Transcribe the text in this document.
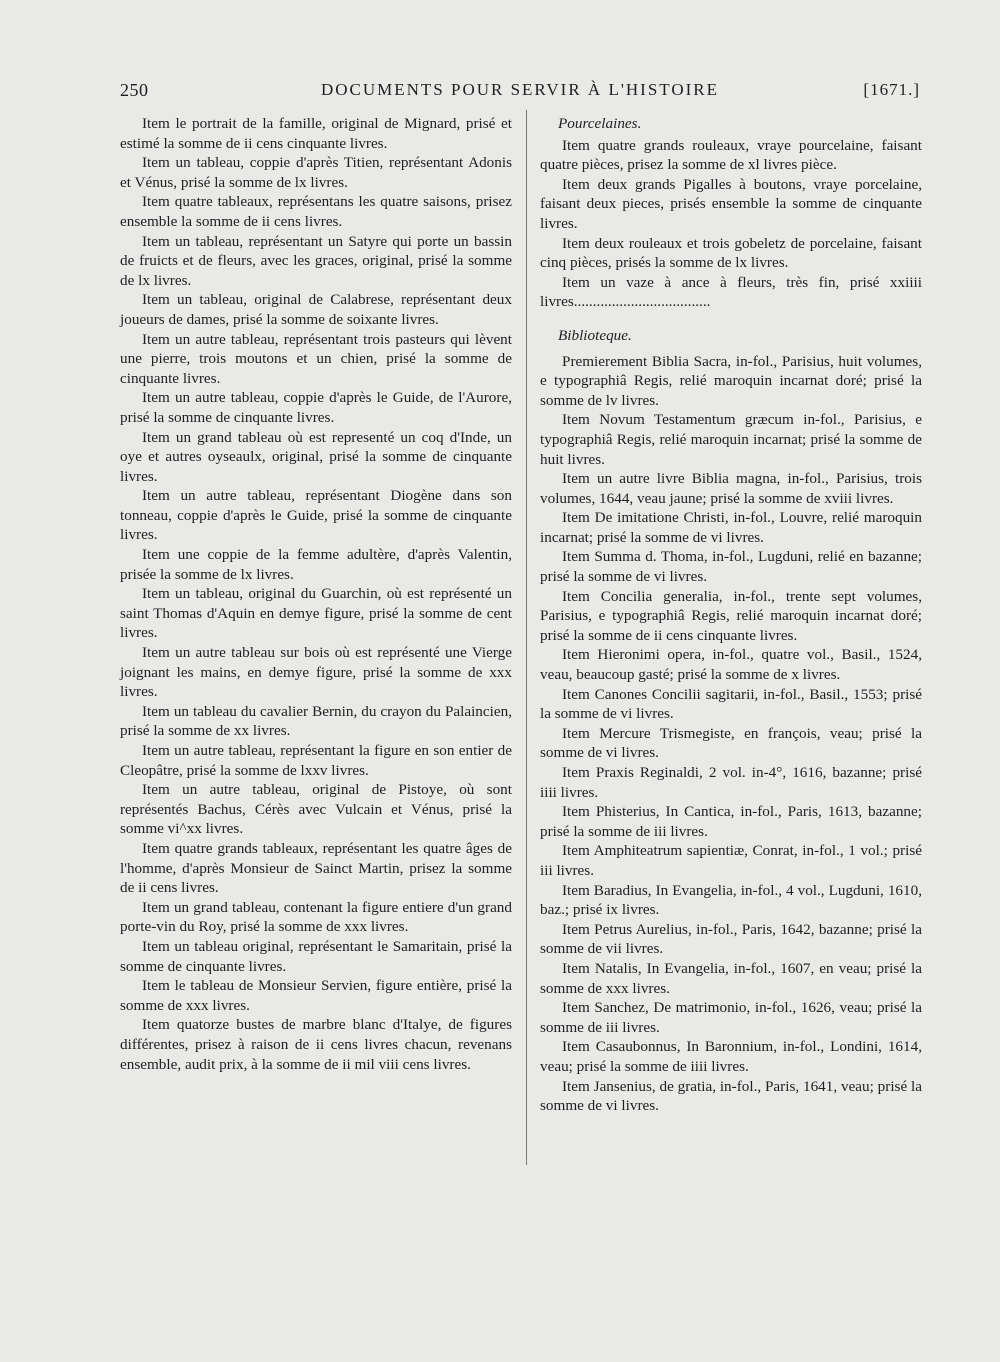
250	DOCUMENTS POUR SERVIR À L'HISTOIRE	[1671.]

Item le portrait de la famille, original de Mignard, prisé et estimé la somme de ii cens cinquante livres.

Item un tableau, coppie d'après Titien, représentant Adonis et Vénus, prisé la somme de lx livres.

Item quatre tableaux, représentans les quatre saisons, prisez ensemble la somme de ii cens livres.

Item un tableau, représentant un Satyre qui porte un bassin de fruicts et de fleurs, avec les graces, original, prisé la somme de lx livres.

Item un tableau, original de Calabrese, représentant deux joueurs de dames, prisé la somme de soixante livres.

Item un autre tableau, représentant trois pasteurs qui lèvent une pierre, trois moutons et un chien, prisé la somme de cinquante livres.

Item un autre tableau, coppie d'après le Guide, de l'Aurore, prisé la somme de cinquante livres.

Item un grand tableau où est representé un coq d'Inde, un oye et autres oyseaulx, original, prisé la somme de cinquante livres.

Item un autre tableau, représentant Diogène dans son tonneau, coppie d'après le Guide, prisé la somme de cinquante livres.

Item une coppie de la femme adultère, d'après Valentin, prisée la somme de lx livres.

Item un tableau, original du Guarchin, où est représenté un saint Thomas d'Aquin en demye figure, prisé la somme de cent livres.

Item un autre tableau sur bois où est représenté une Vierge joignant les mains, en demye figure, prisé la somme de xxx livres.

Item un tableau du cavalier Bernin, du crayon du Palaincien, prisé la somme de xx livres.

Item un autre tableau, représentant la figure en son entier de Cleopâtre, prisé la somme de lxxv livres.

Item un autre tableau, original de Pistoye, où sont représentés Bachus, Cérès avec Vulcain et Vénus, prisé la somme vi^xx livres.

Item quatre grands tableaux, représentant les quatre âges de l'homme, d'après Monsieur de Sainct Martin, prisez la somme de ii cens livres.

Item un grand tableau, contenant la figure entiere d'un grand porte-vin du Roy, prisé la somme de xxx livres.

Item un tableau original, représentant le Samaritain, prisé la somme de cinquante livres.

Item le tableau de Monsieur Servien, figure entière, prisé la somme de xxx livres.

Item quatorze bustes de marbre blanc d'Italye, de figures différentes, prisez à raison de ii cens livres chacun, revenans ensemble, audit prix, à la somme de ii mil viii cens livres.

Pourcelaines.

Item quatre grands rouleaux, vraye pourcelaine, faisant quatre pièces, prisez la somme de xl livres pièce.

Item deux grands Pigalles à boutons, vraye porcelaine, faisant deux pieces, prisés ensemble la somme de cinquante livres.

Item deux rouleaux et trois gobeletz de porcelaine, faisant cinq pièces, prisés la somme de lx livres.

Item un vaze à ance à fleurs, très fin, prisé xxiiii livres....................................

Biblioteque.

Premierement Biblia Sacra, in-fol., Parisius, huit volumes, e typographiâ Regis, relié maroquin incarnat doré; prisé la somme de lv livres.

Item Novum Testamentum græcum in-fol., Parisius, e typographiâ Regis, relié maroquin incarnat; prisé la somme de huit livres.

Item un autre livre Biblia magna, in-fol., Parisius, trois volumes, 1644, veau jaune; prisé la somme de xviii livres.

Item De imitatione Christi, in-fol., Louvre, relié maroquin incarnat; prisé la somme de vi livres.

Item Summa d. Thoma, in-fol., Lugduni, relié en bazanne; prisé la somme de vi livres.

Item Concilia generalia, in-fol., trente sept volumes, Parisius, e typographiâ Regis, relié maroquin incarnat doré; prisé la somme de ii cens cinquante livres.

Item Hieronimi opera, in-fol., quatre vol., Basil., 1524, veau, beaucoup gasté; prisé la somme de x livres.

Item Canones Concilii sagitarii, in-fol., Basil., 1553; prisé la somme de vi livres.

Item Mercure Trismegiste, en françois, veau; prisé la somme de vi livres.

Item Praxis Reginaldi, 2 vol. in-4°, 1616, bazanne; prisé iiii livres.

Item Phisterius, In Cantica, in-fol., Paris, 1613, bazanne; prisé la somme de iii livres.

Item Amphiteatrum sapientiæ, Conrat, in-fol., 1 vol.; prisé iii livres.

Item Baradius, In Evangelia, in-fol., 4 vol., Lugduni, 1610, baz.; prisé ix livres.

Item Petrus Aurelius, in-fol., Paris, 1642, bazanne; prisé la somme de vii livres.

Item Natalis, In Evangelia, in-fol., 1607, en veau; prisé la somme de xxx livres.

Item Sanchez, De matrimonio, in-fol., 1626, veau; prisé la somme de iii livres.

Item Casaubonnus, In Baronnium, in-fol., Londini, 1614, veau; prisé la somme de iiii livres.

Item Jansenius, de gratia, in-fol., Paris, 1641, veau; prisé la somme de vi livres.
